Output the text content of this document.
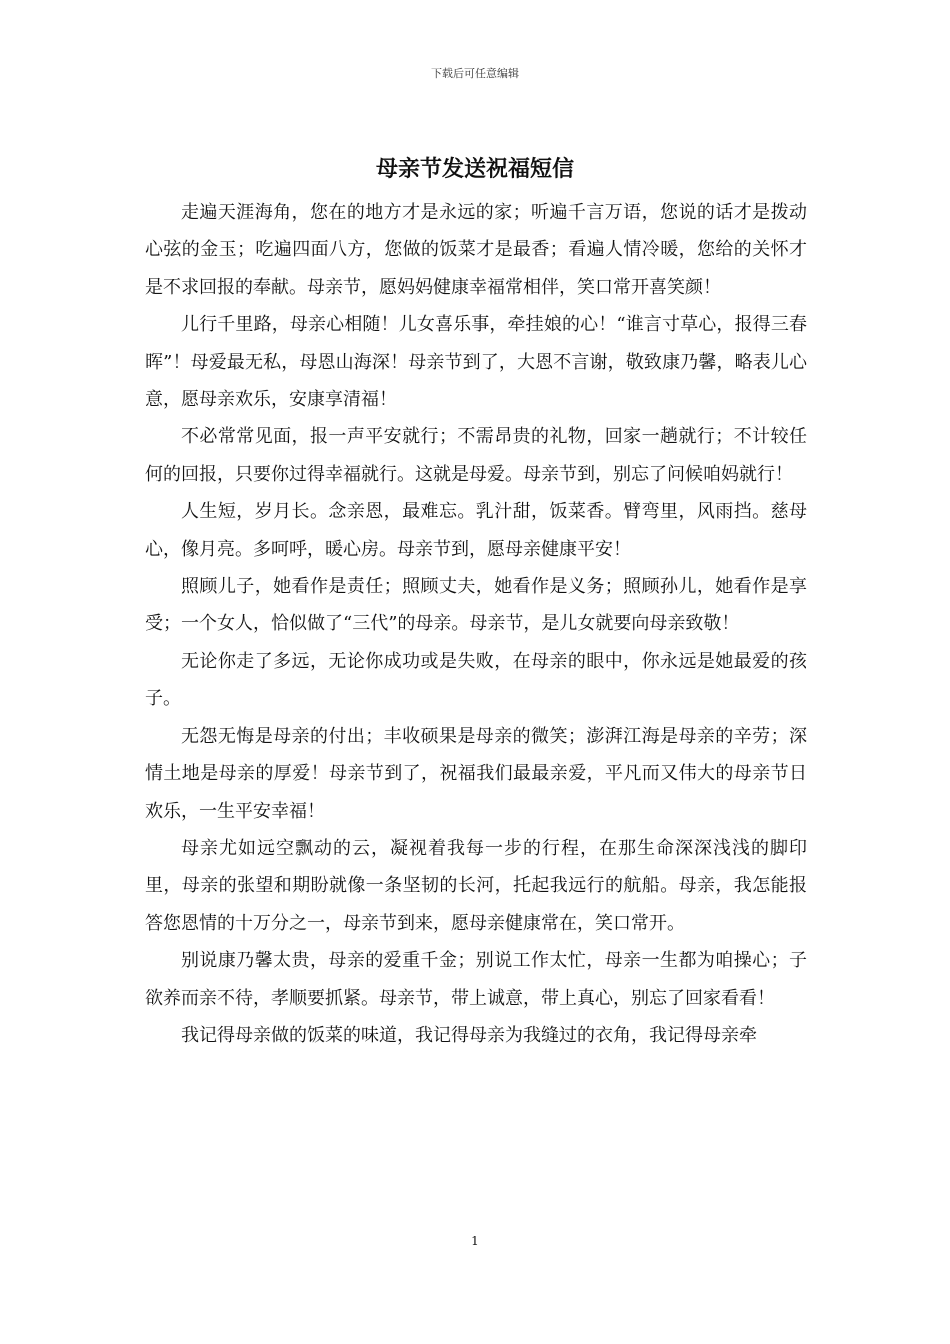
下载后可任意编辑
母亲节发送祝福短信

走遍天涯海角，您在的地方才是永远的家；听遍千言万语，您说的话才是拨动心弦的金玉；吃遍四面八方，您做的饭菜才是最香；看遍人情冷暖，您给的关怀才是不求回报的奉献。母亲节，愿妈妈健康幸福常相伴，笑口常开喜笑颜！

儿行千里路，母亲心相随！儿女喜乐事，牵挂娘的心！“谁言寸草心，报得三春晖”！母爱最无私，母恩山海深！母亲节到了，大恩不言谢，敬致康乃馨，略表儿心意，愿母亲欢乐，安康享清福！

不必常常见面，报一声平安就行；不需昂贵的礼物，回家一趟就行；不计较任何的回报，只要你过得幸福就行。这就是母爱。母亲节到，别忘了问候咱妈就行！

人生短，岁月长。念亲恩，最难忘。乳汁甜，饭菜香。臂弯里，风雨挡。慈母心，像月亮。多呵呼，暖心房。母亲节到，愿母亲健康平安！

照顾儿子，她看作是责任；照顾丈夫，她看作是义务；照顾孙儿，她看作是享受；一个女人，恰似做了“三代”的母亲。母亲节，是儿女就要向母亲致敬！

无论你走了多远，无论你成功或是失败，在母亲的眼中，你永远是她最爱的孩子。

无怨无悔是母亲的付出；丰收硕果是母亲的微笑；澎湃江海是母亲的辛劳；深情土地是母亲的厚爱！母亲节到了，祝福我们最最亲爱，平凡而又伟大的母亲节日欢乐，一生平安幸福！

母亲尤如远空飘动的云，凝视着我每一步的行程，在那生命深深浅浅的脚印里，母亲的张望和期盼就像一条坚韧的长河，托起我远行的航船。母亲，我怎能报答您恩情的十万分之一，母亲节到来，愿母亲健康常在，笑口常开。

别说康乃馨太贵，母亲的爱重千金；别说工作太忙，母亲一生都为咱操心；子欲养而亲不待，孝顺要抓紧。母亲节，带上诚意，带上真心，别忘了回家看看！

我记得母亲做的饭菜的味道，我记得母亲为我缝过的衣角，我记得母亲牵

1
